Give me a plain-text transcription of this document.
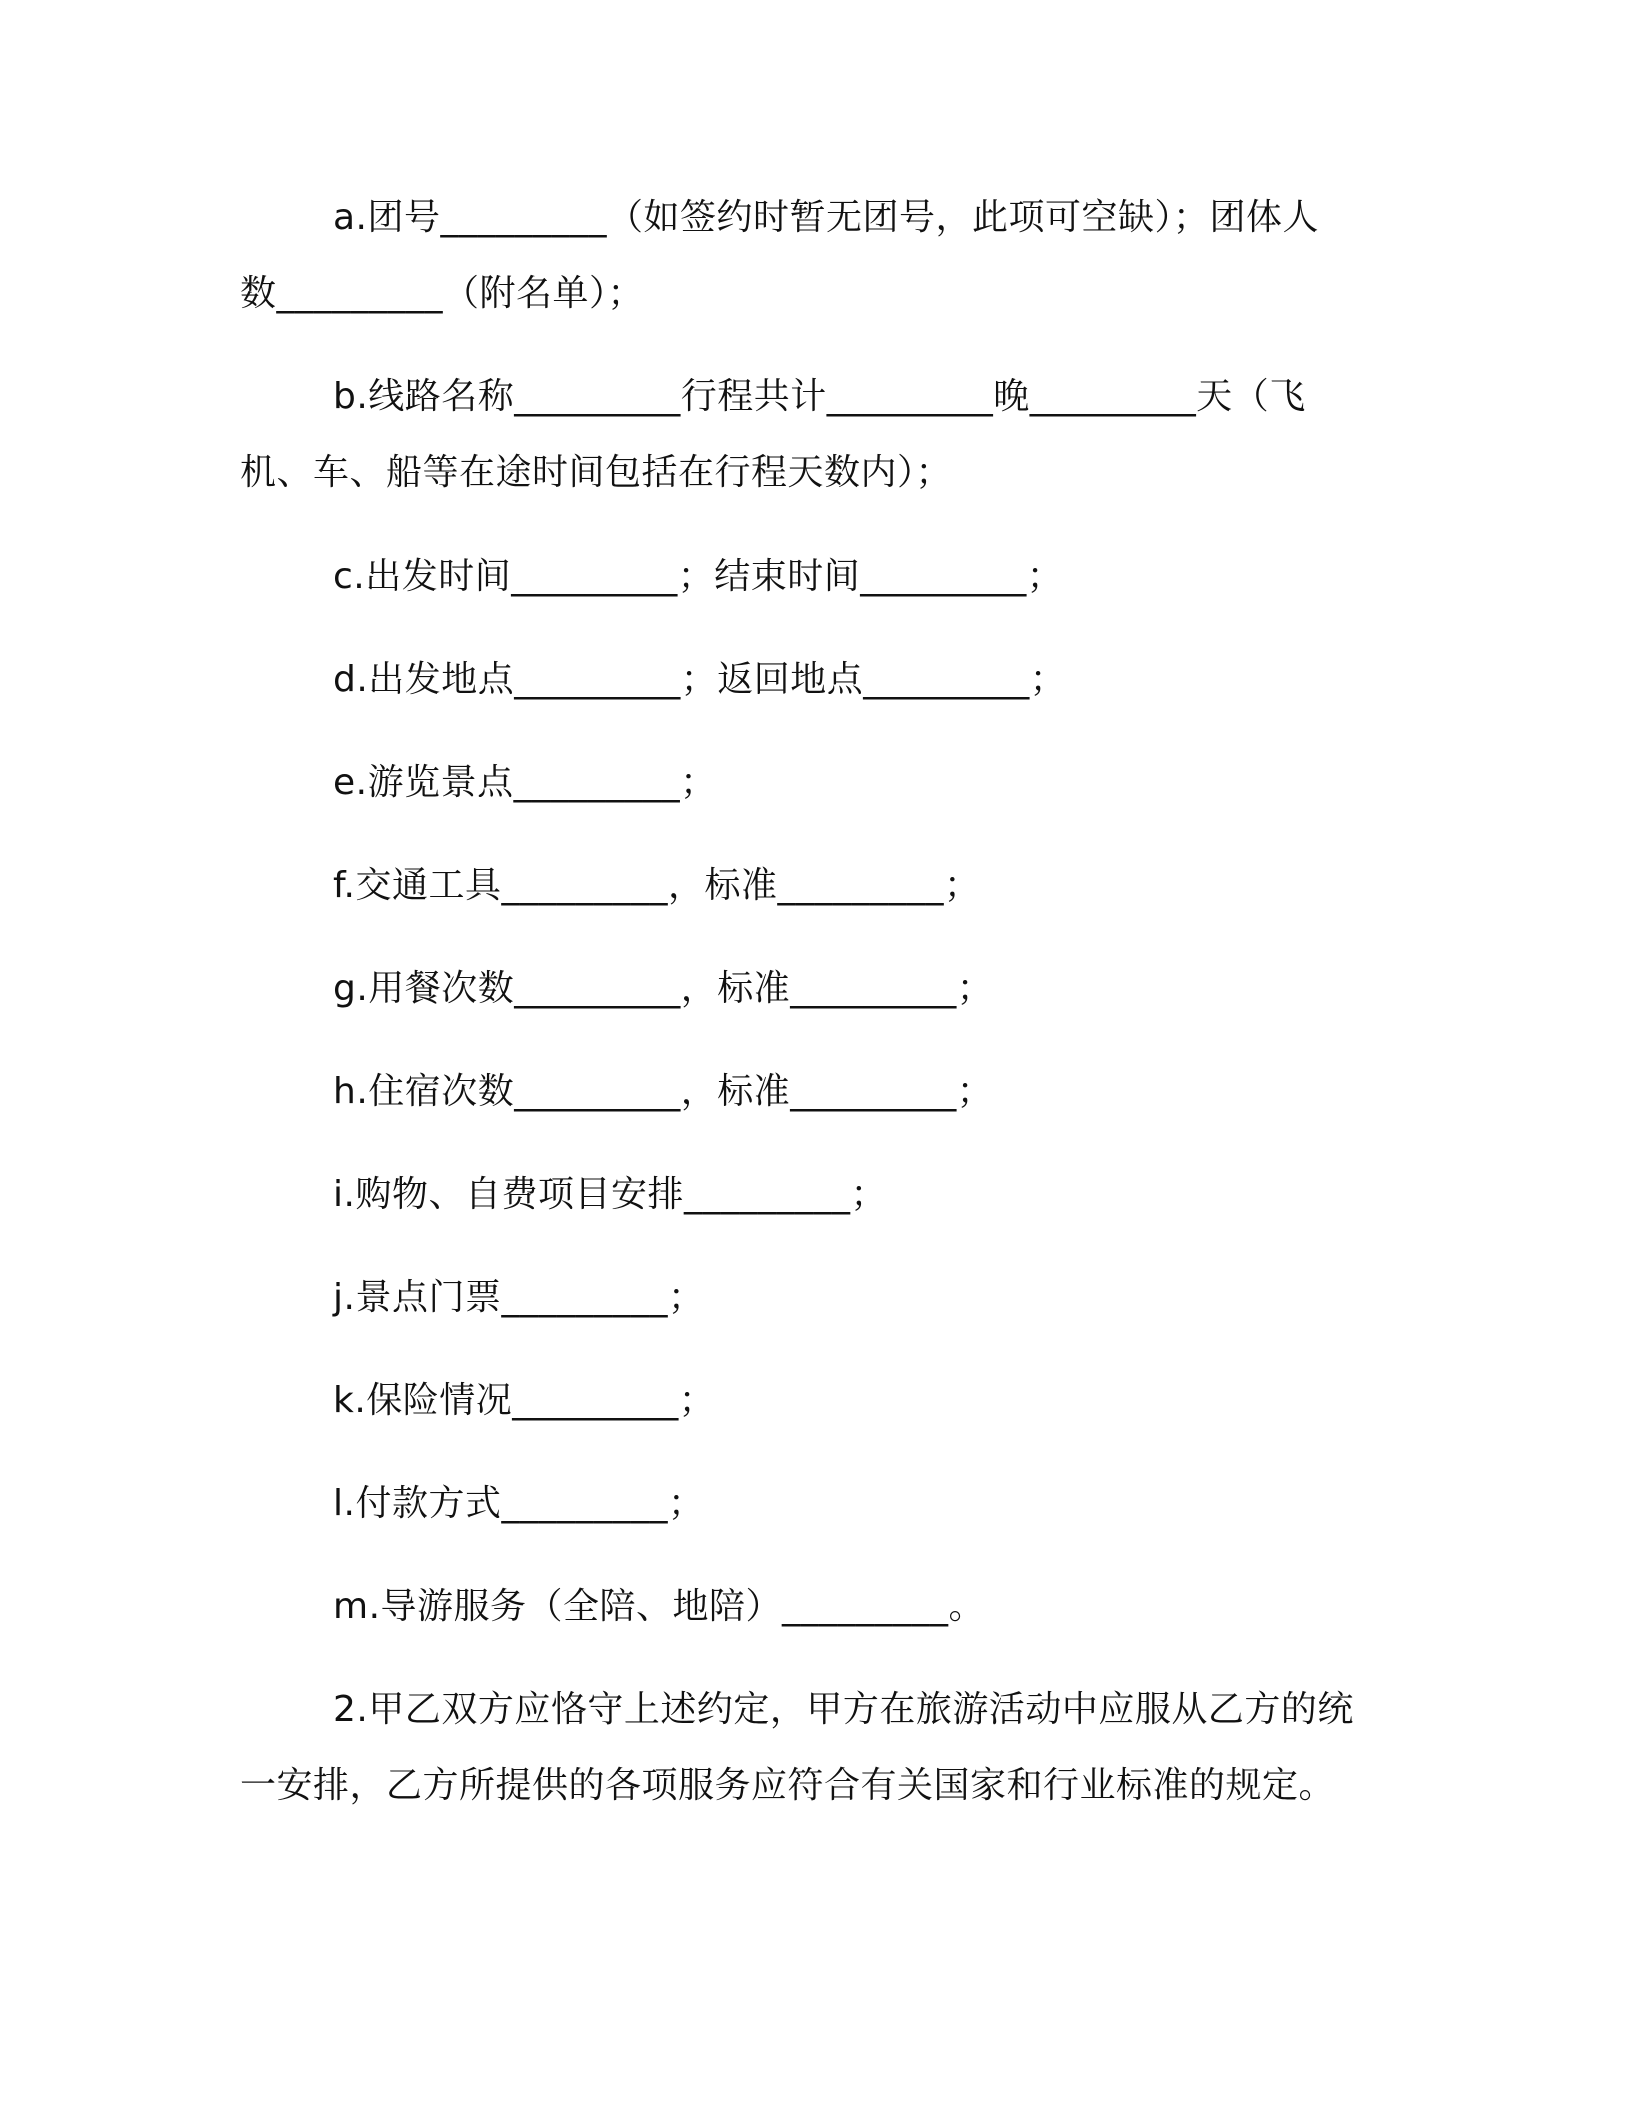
a.团号_________（如签约时暂无团号，此项可空缺）；团体人
数_________（附名单）；
b.线路名称_________行程共计_________晚_________天（飞
机、车、船等在途时间包括在行程天数内）；
c.出发时间_________；结束时间_________；
d.出发地点_________；返回地点_________；
e.游览景点_________；
f.交通工具_________，标准_________；
g.用餐次数_________，标准_________；
h.住宿次数_________，标准_________；
i.购物、自费项目安排_________；
j.景点门票_________；
k.保险情况_________；
l.付款方式_________；
m.导游服务（全陪、地陪）_________。
2.甲乙双方应恪守上述约定，甲方在旅游活动中应服从乙方的统
一安排，乙方所提供的各项服务应符合有关国家和行业标准的规定。
